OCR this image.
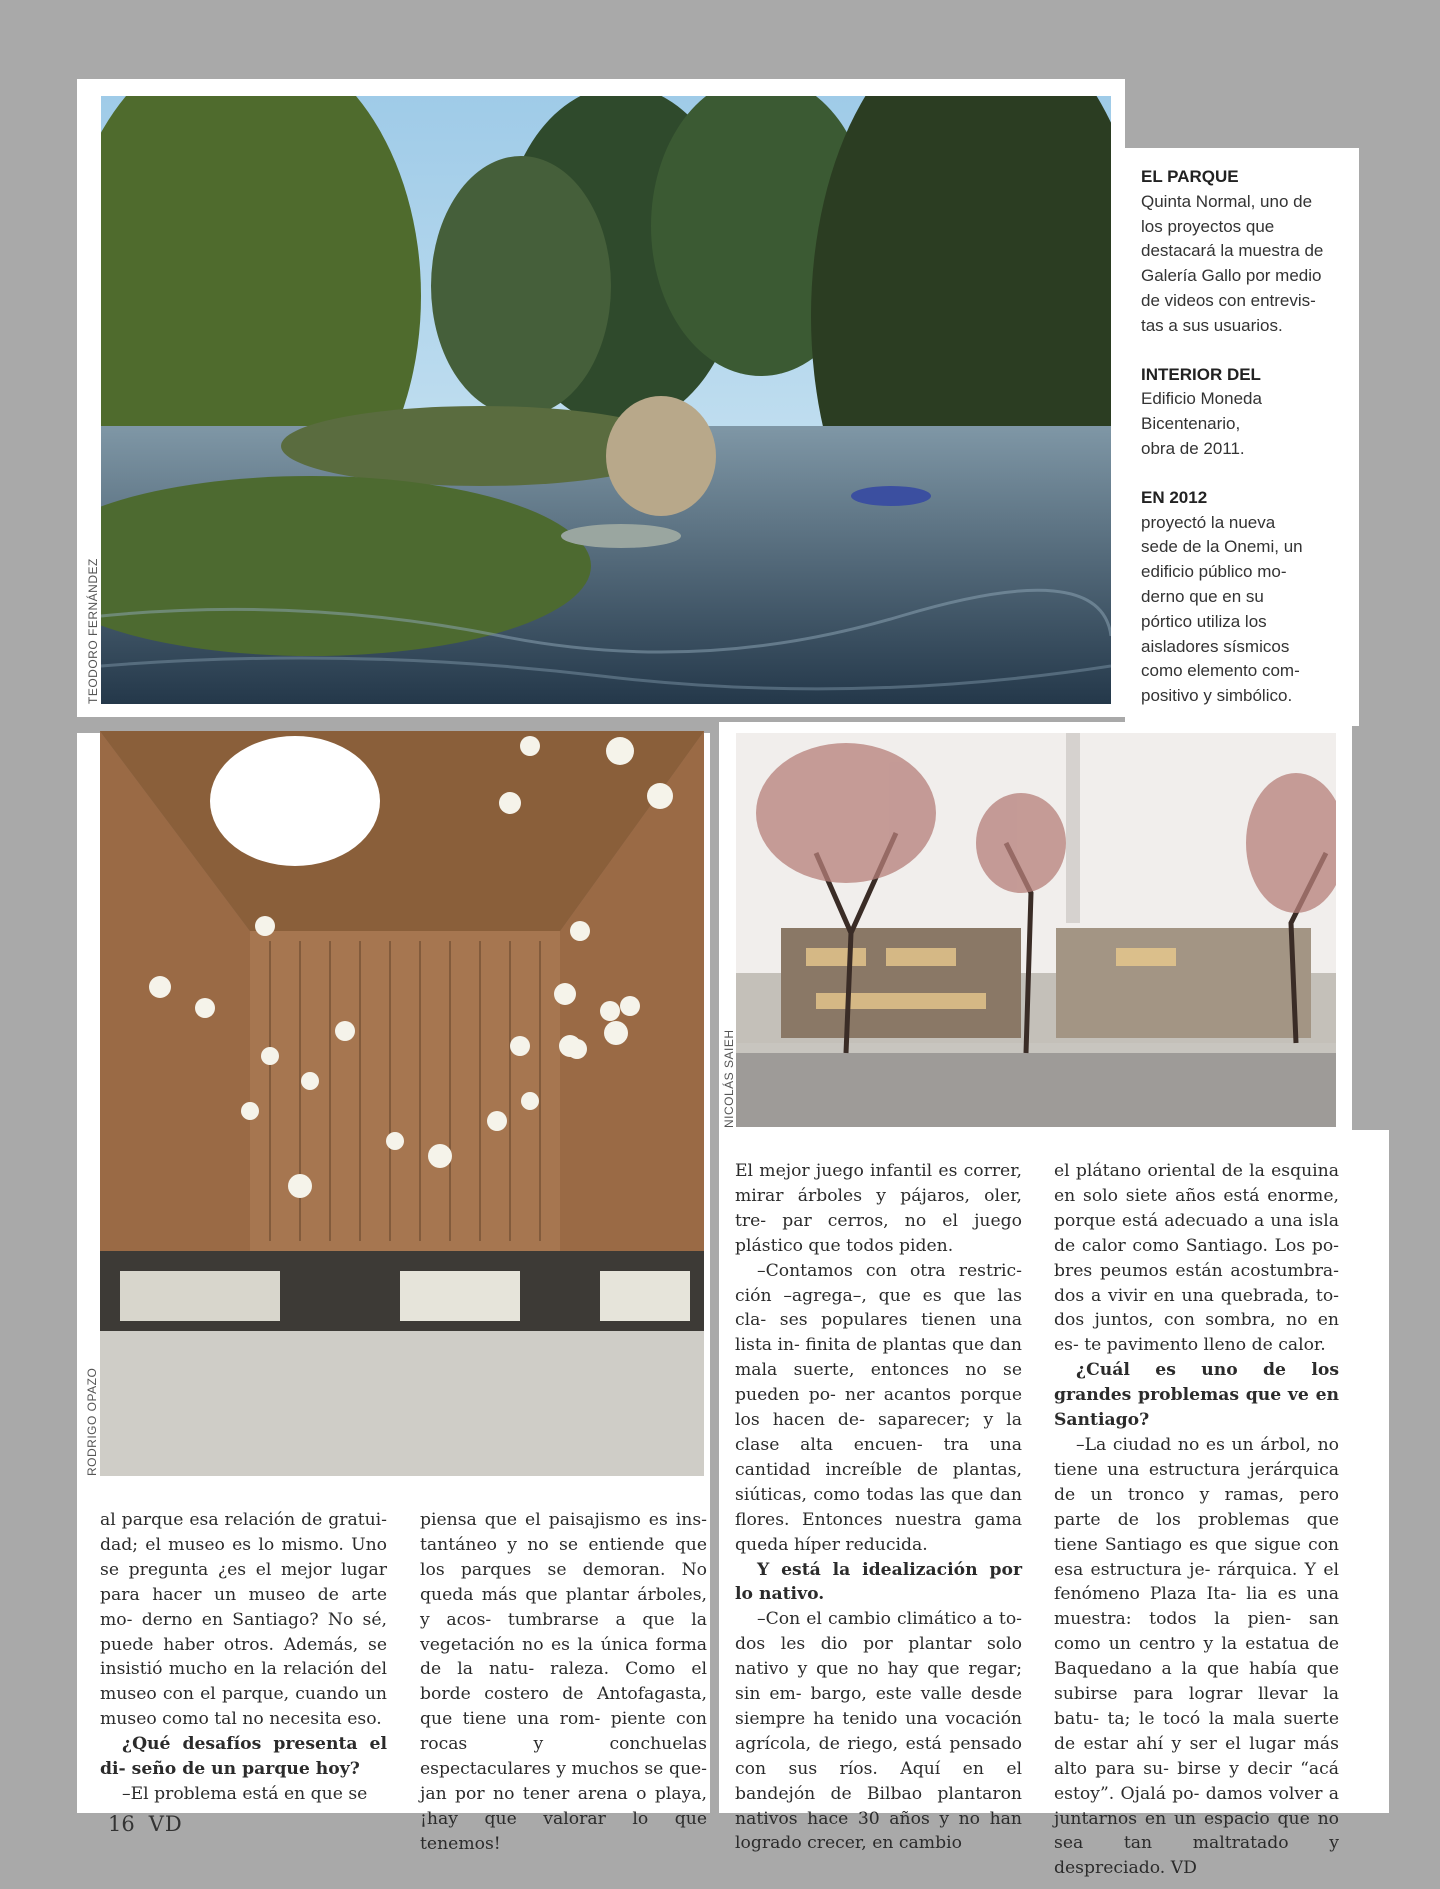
TEODORO FERNÁNDEZ
EL PARQUE
Quinta Normal, uno de
los proyectos que
destacará la muestra de
Galería Gallo por medio
de videos con entrevis-
tas a sus usuarios.
INTERIOR DEL
Edificio Moneda
Bicentenario,
obra de 2011.
EN 2012
proyectó la nueva
sede de la Onemi, un
edificio público mo-
derno que en su
pórtico utiliza los
aisladores sísmicos
como elemento com-
positivo y simbólico.
RODRIGO OPAZO
NICOLÁS SAIEH

al parque esa relación de gratui- dad; el museo es lo mismo. Uno se pregunta ¿es el mejor lugar para hacer un museo de arte mo- derno en Santiago? No sé, puede haber otros. Además, se insistió mucho en la relación del museo con el parque, cuando un museo como tal no necesita eso.

¿Qué desafíos presenta el di- seño de un parque hoy?

–El problema está en que se

piensa que el paisajismo es ins- tantáneo y no se entiende que los parques se demoran. No queda más que plantar árboles, y acos- tumbrarse a que la vegetación no es la única forma de la natu- raleza. Como el borde costero de Antofagasta, que tiene una rom- piente con rocas y conchuelas espectaculares y muchos se que- jan por no tener arena o playa, ¡hay que valorar lo que tenemos!

El mejor juego infantil es correr, mirar árboles y pájaros, oler, tre- par cerros, no el juego plástico que todos piden.

–Contamos con otra restric- ción –agrega–, que es que las cla- ses populares tienen una lista in- finita de plantas que dan mala suerte, entonces no se pueden po- ner acantos porque los hacen de- saparecer; y la clase alta encuen- tra una cantidad increíble de plantas, siúticas, como todas las que dan flores. Entonces nuestra gama queda híper reducida.

Y está la idealización por lo nativo.

–Con el cambio climático a to- dos les dio por plantar solo nativo y que no hay que regar; sin em- bargo, este valle desde siempre ha tenido una vocación agrícola, de riego, está pensado con sus ríos. Aquí en el bandejón de Bilbao plantaron nativos hace 30 años y no han logrado crecer, en cambio

el plátano oriental de la esquina en solo siete años está enorme, porque está adecuado a una isla de calor como Santiago. Los po- bres peumos están acostumbra- dos a vivir en una quebrada, to- dos juntos, con sombra, no en es- te pavimento lleno de calor.

¿Cuál es uno de los grandes problemas que ve en Santiago?

–La ciudad no es un árbol, no tiene una estructura jerárquica de un tronco y ramas, pero parte de los problemas que tiene Santiago es que sigue con esa estructura je- rárquica. Y el fenómeno Plaza Ita- lia es una muestra: todos la pien- san como un centro y la estatua de Baquedano a la que había que subirse para lograr llevar la batu- ta; le tocó la mala suerte de estar ahí y ser el lugar más alto para su- birse y decir “acá estoy”. Ojalá po- damos volver a juntarnos en un espacio que no sea tan maltratado y despreciado. VD

16 VD
